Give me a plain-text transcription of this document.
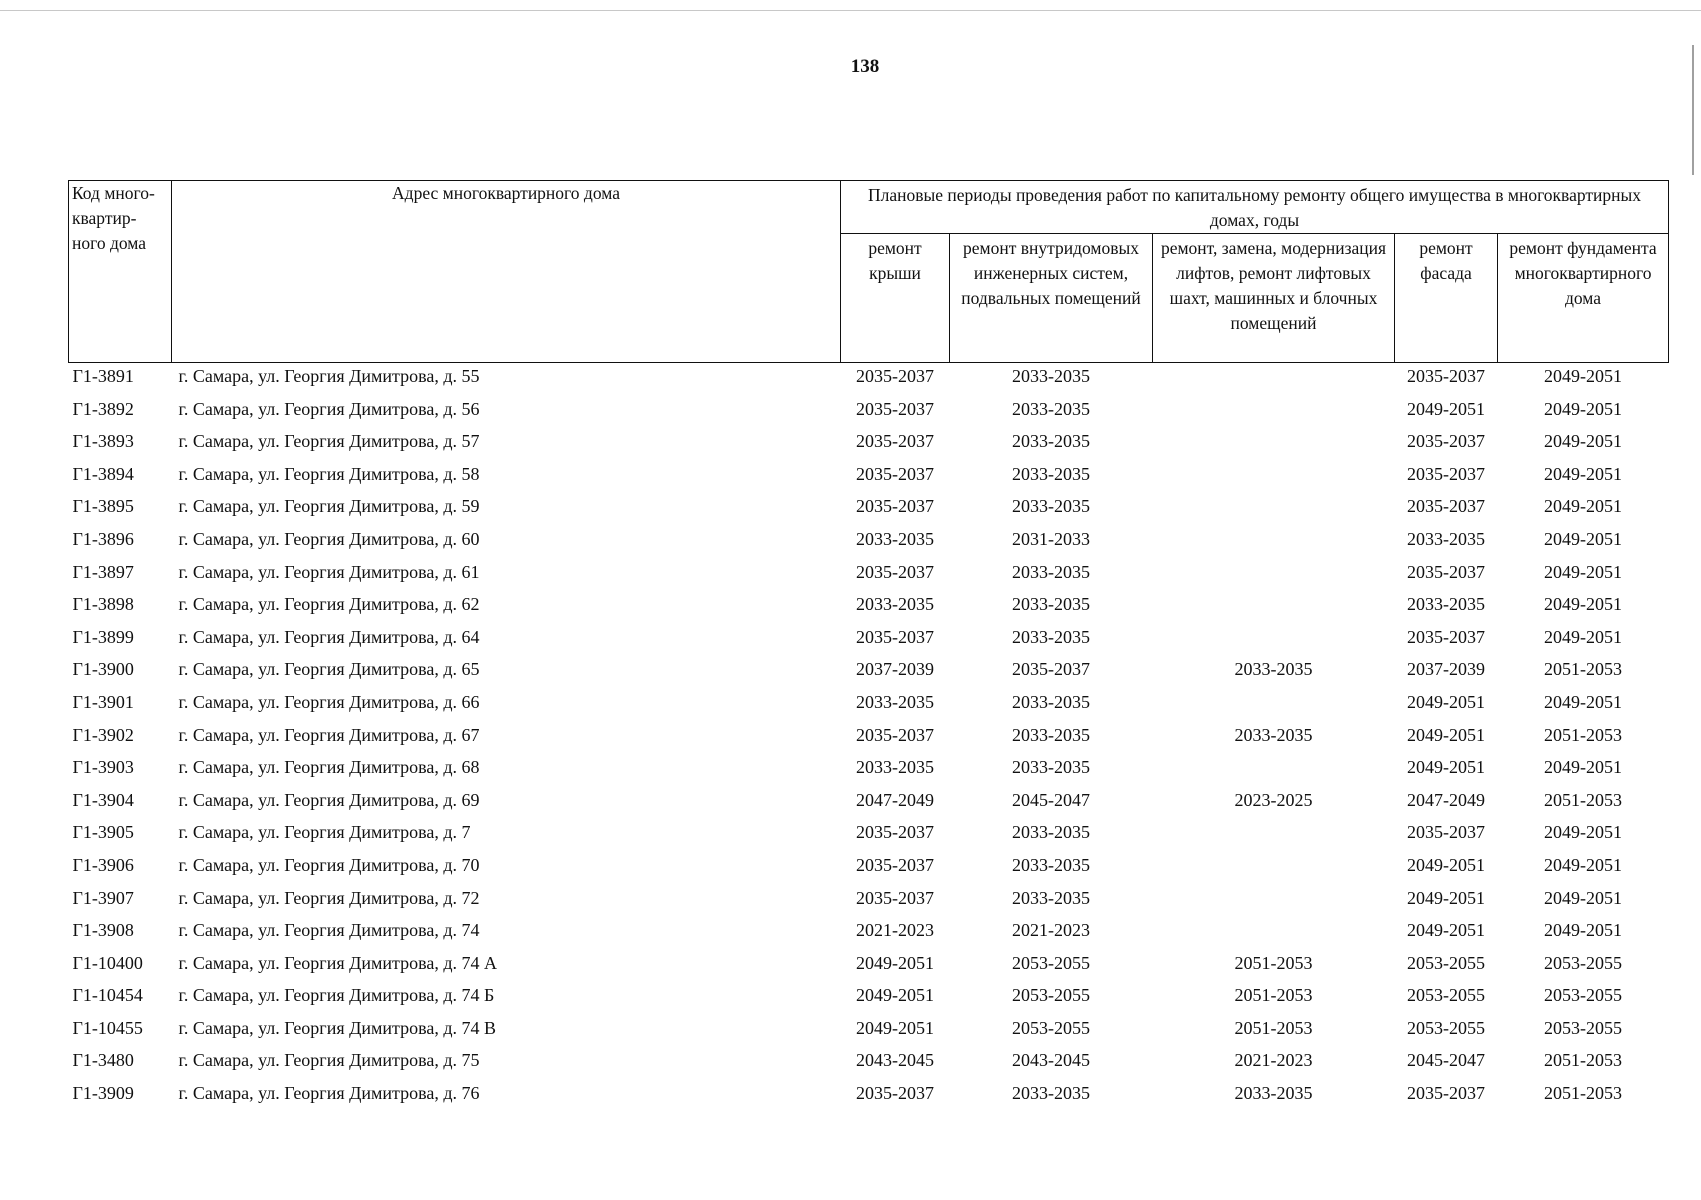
138
Код много-квартир-ного дома	Адрес многоквартирного дома	Плановые периоды проведения работ по капитальному ремонту общего имущества в многоквартирных домах, годы				
		ремонт крыши	ремонт внутридомовых инженерных систем, подвальных помещений	ремонт, замена, модернизация лифтов, ремонт лифтовых шахт, машинных и блочных помещений	ремонт фасада	ремонт фундамента многоквартирного дома
Г1-3891	г. Самара, ул. Георгия Димитрова, д. 55	2035-2037	2033-2035		2035-2037	2049-2051
Г1-3892	г. Самара, ул. Георгия Димитрова, д. 56	2035-2037	2033-2035		2049-2051	2049-2051
Г1-3893	г. Самара, ул. Георгия Димитрова, д. 57	2035-2037	2033-2035		2035-2037	2049-2051
Г1-3894	г. Самара, ул. Георгия Димитрова, д. 58	2035-2037	2033-2035		2035-2037	2049-2051
Г1-3895	г. Самара, ул. Георгия Димитрова, д. 59	2035-2037	2033-2035		2035-2037	2049-2051
Г1-3896	г. Самара, ул. Георгия Димитрова, д. 60	2033-2035	2031-2033		2033-2035	2049-2051
Г1-3897	г. Самара, ул. Георгия Димитрова, д. 61	2035-2037	2033-2035		2035-2037	2049-2051
Г1-3898	г. Самара, ул. Георгия Димитрова, д. 62	2033-2035	2033-2035		2033-2035	2049-2051
Г1-3899	г. Самара, ул. Георгия Димитрова, д. 64	2035-2037	2033-2035		2035-2037	2049-2051
Г1-3900	г. Самара, ул. Георгия Димитрова, д. 65	2037-2039	2035-2037	2033-2035	2037-2039	2051-2053
Г1-3901	г. Самара, ул. Георгия Димитрова, д. 66	2033-2035	2033-2035		2049-2051	2049-2051
Г1-3902	г. Самара, ул. Георгия Димитрова, д. 67	2035-2037	2033-2035	2033-2035	2049-2051	2051-2053
Г1-3903	г. Самара, ул. Георгия Димитрова, д. 68	2033-2035	2033-2035		2049-2051	2049-2051
Г1-3904	г. Самара, ул. Георгия Димитрова, д. 69	2047-2049	2045-2047	2023-2025	2047-2049	2051-2053
Г1-3905	г. Самара, ул. Георгия Димитрова, д. 7	2035-2037	2033-2035		2035-2037	2049-2051
Г1-3906	г. Самара, ул. Георгия Димитрова, д. 70	2035-2037	2033-2035		2049-2051	2049-2051
Г1-3907	г. Самара, ул. Георгия Димитрова, д. 72	2035-2037	2033-2035		2049-2051	2049-2051
Г1-3908	г. Самара, ул. Георгия Димитрова, д. 74	2021-2023	2021-2023		2049-2051	2049-2051
Г1-10400	г. Самара, ул. Георгия Димитрова, д. 74 А	2049-2051	2053-2055	2051-2053	2053-2055	2053-2055
Г1-10454	г. Самара, ул. Георгия Димитрова, д. 74 Б	2049-2051	2053-2055	2051-2053	2053-2055	2053-2055
Г1-10455	г. Самара, ул. Георгия Димитрова, д. 74 В	2049-2051	2053-2055	2051-2053	2053-2055	2053-2055
Г1-3480	г. Самара, ул. Георгия Димитрова, д. 75	2043-2045	2043-2045	2021-2023	2045-2047	2051-2053
Г1-3909	г. Самара, ул. Георгия Димитрова, д. 76	2035-2037	2033-2035	2033-2035	2035-2037	2051-2053
